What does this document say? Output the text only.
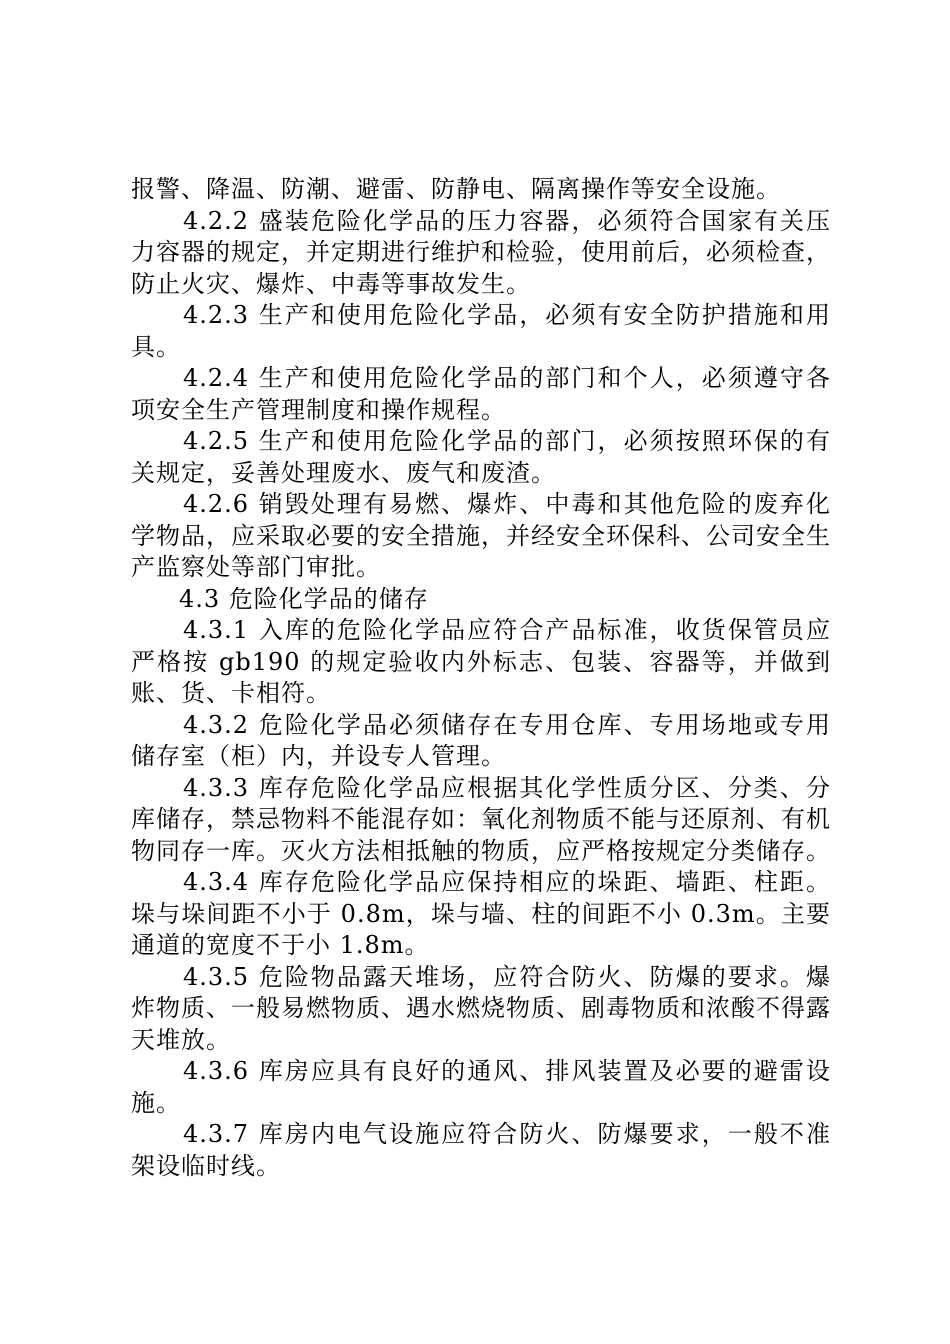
报警、降温、防潮、避雷、防静电、隔离操作等安全设施。

4.2.2 盛装危险化学品的压力容器，必须符合国家有关压力容器的规定，并定期进行维护和检验，使用前后，必须检查，防止火灾、爆炸、中毒等事故发生。

4.2.3 生产和使用危险化学品，必须有安全防护措施和用具。

4.2.4 生产和使用危险化学品的部门和个人，必须遵守各项安全生产管理制度和操作规程。

4.2.5 生产和使用危险化学品的部门，必须按照环保的有关规定，妥善处理废水、废气和废渣。

4.2.6 销毁处理有易燃、爆炸、中毒和其他危险的废弃化学物品，应采取必要的安全措施，并经安全环保科、公司安全生产监察处等部门审批。

4.3 危险化学品的储存

4.3.1 入库的危险化学品应符合产品标准，收货保管员应严格按 gb190 的规定验收内外标志、包装、容器等，并做到账、货、卡相符。

4.3.2 危险化学品必须储存在专用仓库、专用场地或专用储存室（柜）内，并设专人管理。

4.3.3 库存危险化学品应根据其化学性质分区、分类、分库储存，禁忌物料不能混存如：氧化剂物质不能与还原剂、有机物同存一库。灭火方法相抵触的物质，应严格按规定分类储存。

4.3.4 库存危险化学品应保持相应的垛距、墙距、柱距。垛与垛间距不小于 0.8m，垛与墙、柱的间距不小 0.3m。主要通道的宽度不于小 1.8m。

4.3.5 危险物品露天堆场，应符合防火、防爆的要求。爆炸物质、一般易燃物质、遇水燃烧物质、剧毒物质和浓酸不得露天堆放。

4.3.6 库房应具有良好的通风、排风装置及必要的避雷设施。

4.3.7 库房内电气设施应符合防火、防爆要求，一般不准架设临时线。
